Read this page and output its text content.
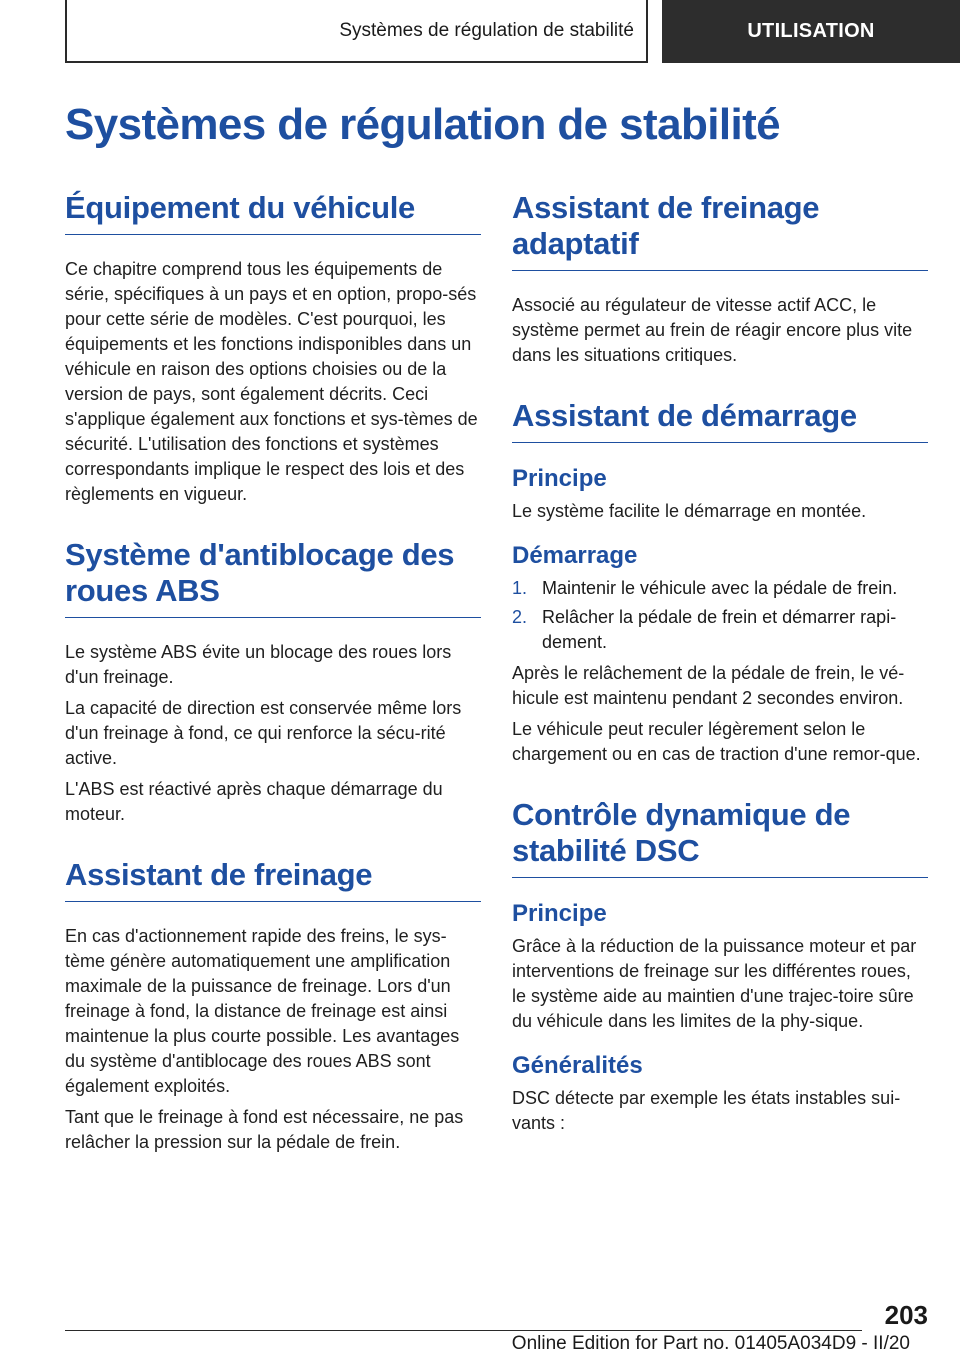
Systèmes de régulation de stabilité	UTILISATION
Systèmes de régulation de stabilité
Équipement du véhicule

Ce chapitre comprend tous les équipements de série, spécifiques à un pays et en option, propo-sés pour cette série de modèles. C'est pourquoi, les équipements et les fonctions indisponibles dans un véhicule en raison des options choisies ou de la version de pays, sont également décrits. Ceci s'applique également aux fonctions et sys-tèmes de sécurité. L'utilisation des fonctions et systèmes correspondants implique le respect des lois et des règlements en vigueur.

Système d'antiblocage des roues ABS

Le système ABS évite un blocage des roues lors d'un freinage.

La capacité de direction est conservée même lors d'un freinage à fond, ce qui renforce la sécu-rité active.

L'ABS est réactivé après chaque démarrage du moteur.

Assistant de freinage

En cas d'actionnement rapide des freins, le sys-tème génère automatiquement une amplification maximale de la puissance de freinage. Lors d'un freinage à fond, la distance de freinage est ainsi maintenue la plus courte possible. Les avantages du système d'antiblocage des roues ABS sont également exploités.

Tant que le freinage à fond est nécessaire, ne pas relâcher la pression sur la pédale de frein.

Assistant de freinage adaptatif

Associé au régulateur de vitesse actif ACC, le système permet au frein de réagir encore plus vite dans les situations critiques.

Assistant de démarrage
Principe

Le système facilite le démarrage en montée.

Démarrage
1. Maintenir le véhicule avec la pédale de frein.
2. Relâcher la pédale de frein et démarrer rapi-dement.

Après le relâchement de la pédale de frein, le vé-hicule est maintenu pendant 2 secondes environ.

Le véhicule peut reculer légèrement selon le chargement ou en cas de traction d'une remor-que.

Contrôle dynamique de stabilité DSC
Principe

Grâce à la réduction de la puissance moteur et par interventions de freinage sur les différentes roues, le système aide au maintien d'une trajec-toire sûre du véhicule dans les limites de la phy-sique.

Généralités

DSC détecte par exemple les états instables sui-vants :

203
Online Edition for Part no. 01405A034D9 - II/20
